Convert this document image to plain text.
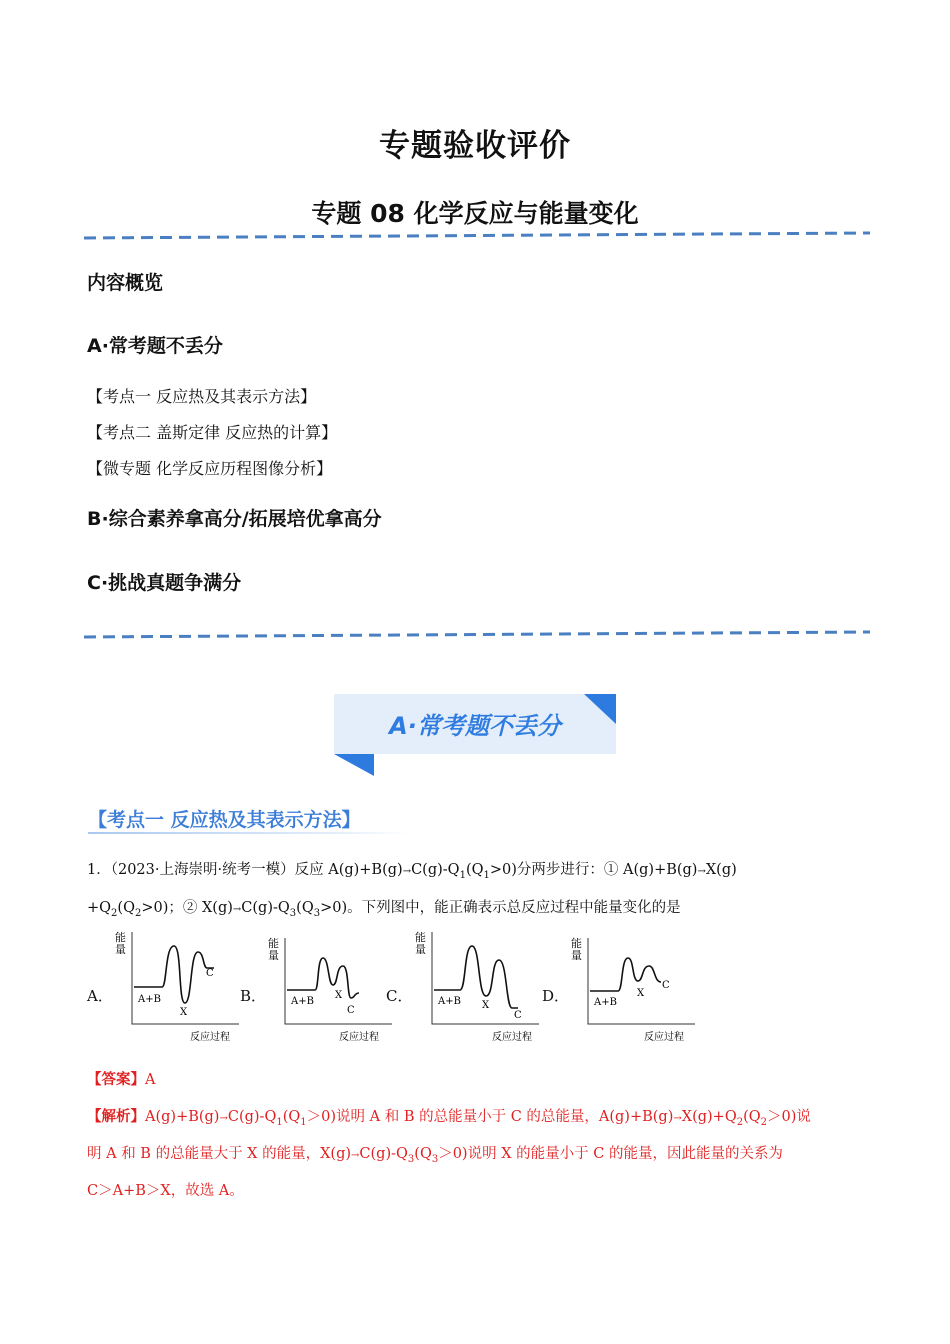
专题验收评价
专题 08 化学反应与能量变化
内容概览
A·常考题不丢分
【考点一 反应热及其表示方法】
【考点二 盖斯定律 反应热的计算】
【微专题 化学反应历程图像分析】
B·综合素养拿高分/拓展培优拿高分
C·挑战真题争满分
A·常考题不丢分
【考点一 反应热及其表示方法】
1．（2023·上海崇明·统考一模）反应 $A(g)+B(g)\to C(g)-Q_1(Q_1>0)$分两步进行：① A(g)+B(g)→X(g)
$+Q_2(Q_2>0)$；② $X(g)\to C(g)-Q_3(Q_3>0)$。下列图中，能正确表示总反应过程中能量变化的是
A．	B．	C．	D．
能
量
A+B
X
C
反应过程
能
量
A+B
X
C
反应过程
能
量
A+B X
C
反应过程
能
量
A+B
X
C
反应过程
【答案】A
【解析】$A(g)+B(g)\to C(g)-Q_1(Q_1>0)$说明 A 和 B 的总能量小于 C 的总能量，$A(g)+B(g)\to X(g)+Q_2(Q_2>0)$说
明 A 和 B 的总能量大于 X 的能量，$X(g)\to C(g)-Q_3(Q_3>0)$说明 X 的能量小于 C 的能量，因此能量的关系为
C＞A+B＞X，故选 A。
